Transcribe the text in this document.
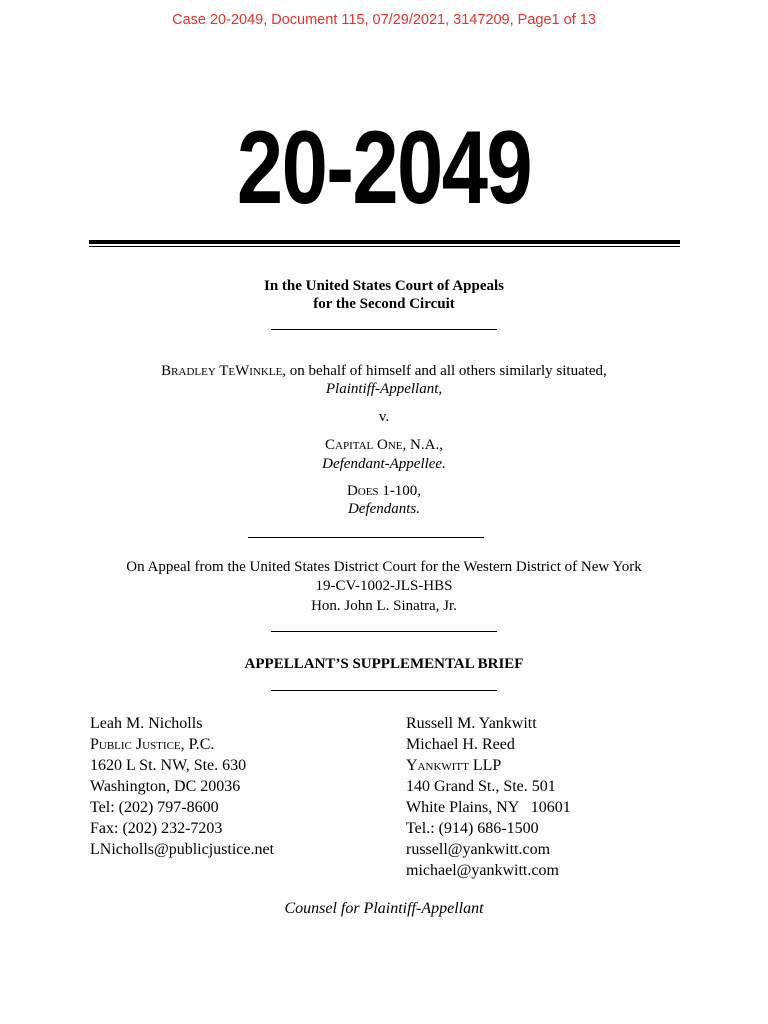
Case 20-2049, Document 115, 07/29/2021, 3147209, Page1 of 13
20-2049
In the United States Court of Appeals
for the Second Circuit
Bradley TeWinkle, on behalf of himself and all others similarly situated,
Plaintiff-Appellant,
v.
Capital One, N.A.,
Defendant-Appellee.
Does 1-100,
Defendants.
On Appeal from the United States District Court for the Western District of New York
19-CV-1002-JLS-HBS
Hon. John L. Sinatra, Jr.
APPELLANT’S SUPPLEMENTAL BRIEF
Leah M. Nicholls
Public Justice, P.C.
1620 L St. NW, Ste. 630
Washington, DC 20036
Tel: (202) 797-8600
Fax: (202) 232-7203
LNicholls@publicjustice.net
Russell M. Yankwitt
Michael H. Reed
Yankwitt LLP
140 Grand St., Ste. 501
White Plains, NY   10601
Tel.: (914) 686-1500
russell@yankwitt.com
michael@yankwitt.com
Counsel for Plaintiff-Appellant
